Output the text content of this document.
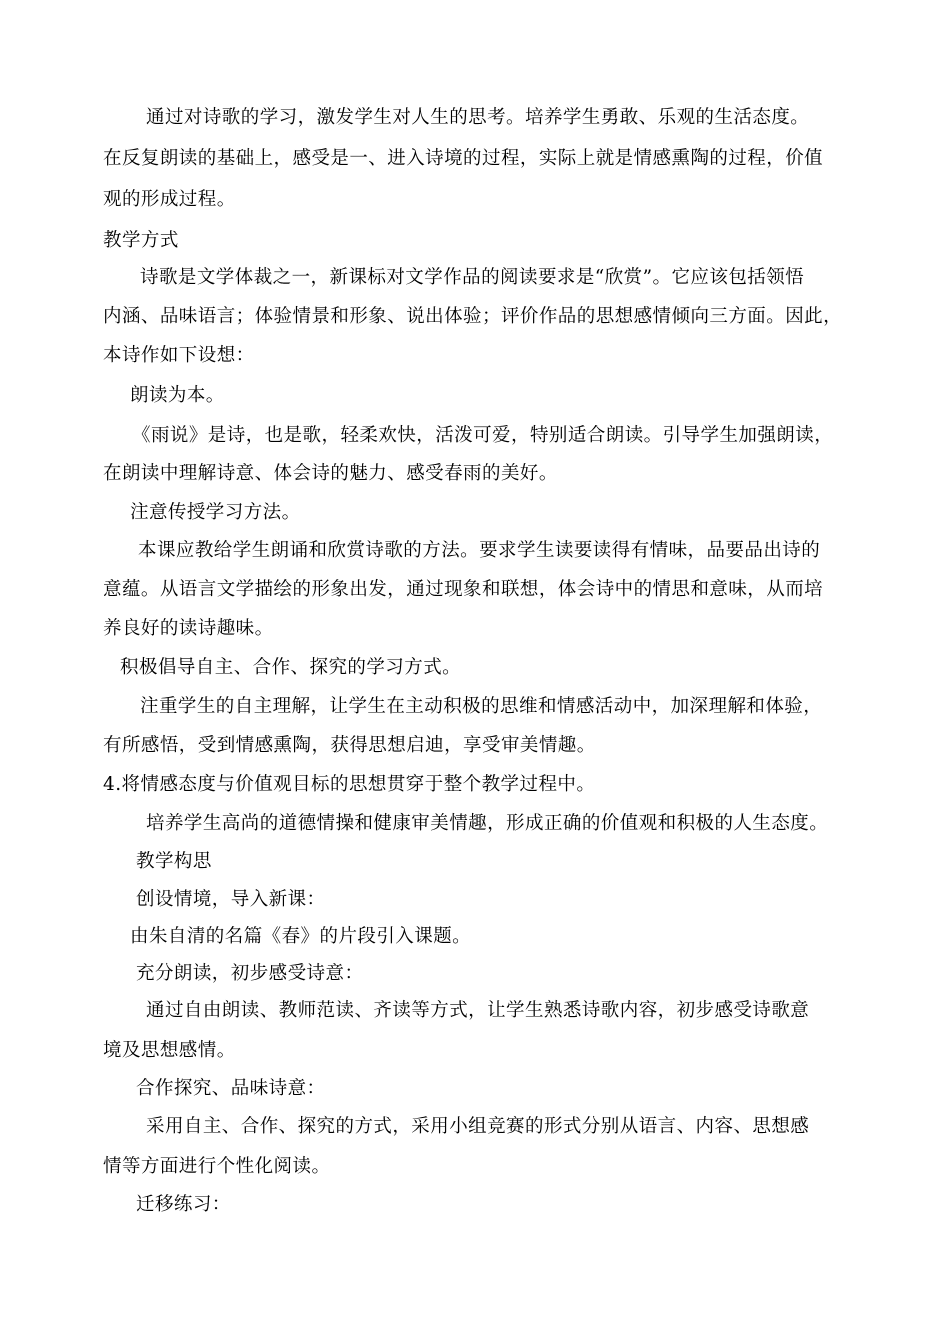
通过对诗歌的学习，激发学生对人生的思考。培养学生勇敢、乐观的生活态度。
在反复朗读的基础上，感受是一、进入诗境的过程，实际上就是情感熏陶的过程，价值
观的形成过程。
教学方式
诗歌是文学体裁之一，新课标对文学作品的阅读要求是“欣赏”。它应该包括领悟
内涵、品味语言；体验情景和形象、说出体验；评价作品的思想感情倾向三方面。因此，
本诗作如下设想：
朗读为本。
《雨说》是诗，也是歌，轻柔欢快，活泼可爱，特别适合朗读。引导学生加强朗读，
在朗读中理解诗意、体会诗的魅力、感受春雨的美好。
注意传授学习方法。
本课应教给学生朗诵和欣赏诗歌的方法。要求学生读要读得有情味，品要品出诗的
意蕴。从语言文学描绘的形象出发，通过现象和联想，体会诗中的情思和意味，从而培
养良好的读诗趣味。
积极倡导自主、合作、探究的学习方式。
注重学生的自主理解，让学生在主动积极的思维和情感活动中，加深理解和体验，
有所感悟，受到情感熏陶，获得思想启迪，享受审美情趣。
4.将情感态度与价值观目标的思想贯穿于整个教学过程中。
培养学生高尚的道德情操和健康审美情趣，形成正确的价值观和积极的人生态度。
教学构思
创设情境，导入新课：
由朱自清的名篇《春》的片段引入课题。
充分朗读，初步感受诗意：
通过自由朗读、教师范读、齐读等方式，让学生熟悉诗歌内容，初步感受诗歌意
境及思想感情。
合作探究、品味诗意：
采用自主、合作、探究的方式，采用小组竞赛的形式分别从语言、内容、思想感
情等方面进行个性化阅读。
迁移练习：
